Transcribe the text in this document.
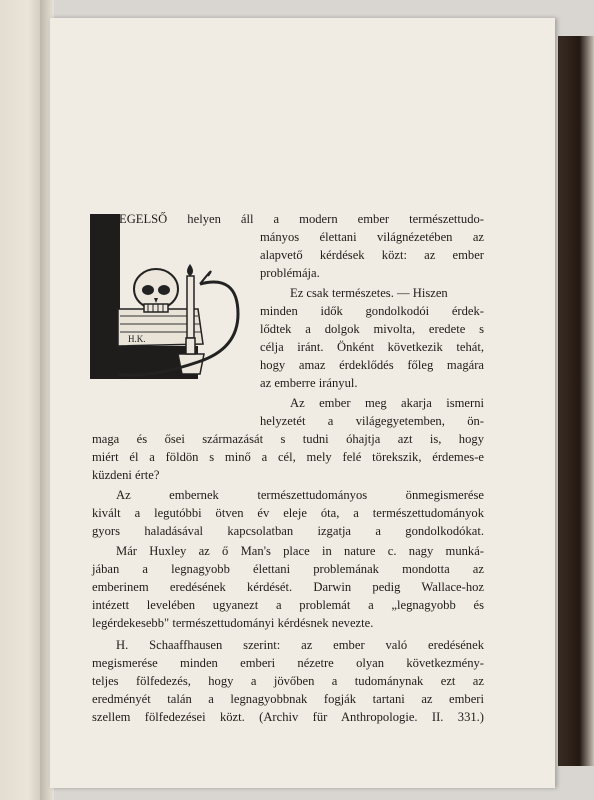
H.K.
EGELSŐ helyen áll a modern ember természettudo-
mányos élettani világnézetében az
alapvető kérdések közt: az ember
problémája.
Ez csak természetes. — Hiszen
minden idők gondolkodói érdek-
lődtek a dolgok mivolta, eredete s
célja iránt. Önként következik tehát,
hogy amaz érdeklődés főleg magára
az emberre irányul.
Az ember meg akarja ismerni
helyzetét a világegyetemben, ön-
maga és ősei származását s tudni óhajtja azt is, hogy
miért él a földön s minő a cél, mely felé törekszik, érdemes-e
küzdeni érte?
Az embernek természettudományos önmegismerése
kivált a legutóbbi ötven év eleje óta, a természettudományok
gyors haladásával kapcsolatban izgatja a gondolkodókat.
Már Huxley az ő Man's place in nature c. nagy munká-
jában a legnagyobb élettani problemának mondotta az
emberinem eredésének kérdését. Darwin pedig Wallace-hoz
intézett levelében ugyanezt a problemát a „legnagyobb és
legérdekesebb" természettudományi kérdésnek nevezte.
H. Schaaffhausen szerint: az ember való eredésének
megismerése minden emberi nézetre olyan következmény-
teljes fölfedezés, hogy a jövőben a tudománynak ezt az
eredményét talán a legnagyobbnak fogják tartani az emberi
szellem fölfedezései közt. (Archiv für Anthropologie. II. 331.)
